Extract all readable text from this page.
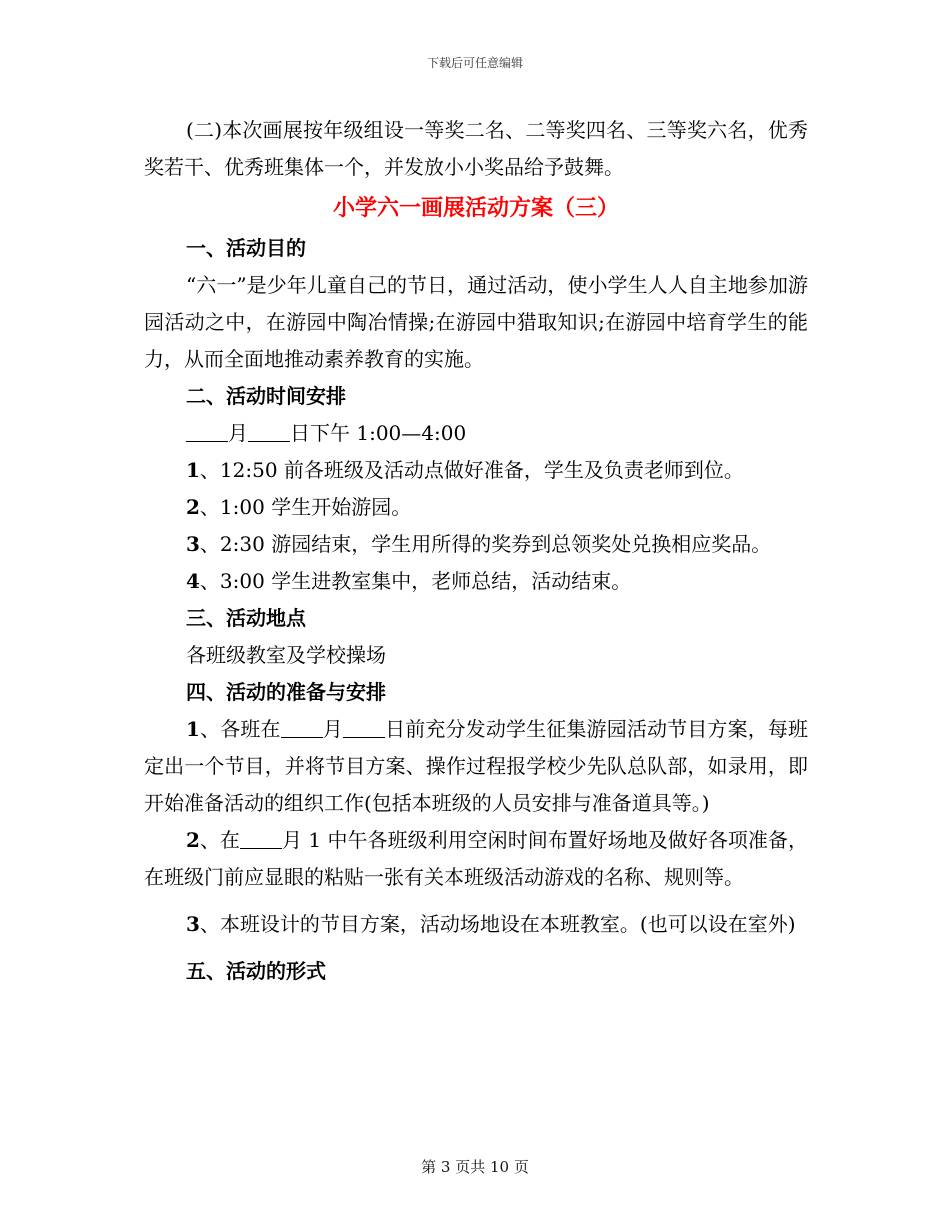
下载后可任意编辑

(二)本次画展按年级组设一等奖二名、二等奖四名、三等奖六名，优秀奖若干、优秀班集体一个，并发放小小奖品给予鼓舞。

小学六一画展活动方案（三）

一、活动目的

“六一”是少年儿童自己的节日，通过活动，使小学生人人自主地参加游园活动之中，在游园中陶冶情操;在游园中猎取知识;在游园中培育学生的能力，从而全面地推动素养教育的实施。

二、活动时间安排

月 日下午 1:00—4:00

1、12:50 前各班级及活动点做好准备，学生及负责老师到位。

2、1:00 学生开始游园。

3、2:30 游园结束，学生用所得的奖券到总领奖处兑换相应奖品。

4、3:00 学生进教室集中，老师总结，活动结束。

三、活动地点

各班级教室及学校操场

四、活动的准备与安排

1、各班在 月 日前充分发动学生征集游园活动节目方案，每班定出一个节目，并将节目方案、操作过程报学校少先队总队部，如录用，即开始准备活动的组织工作(包括本班级的人员安排与准备道具等。)

2、在 月 1 中午各班级利用空闲时间布置好场地及做好各项准备，在班级门前应显眼的粘贴一张有关本班级活动游戏的名称、规则等。

3、本班设计的节目方案，活动场地设在本班教室。(也可以设在室外)

五、活动的形式

第 3 页共 10 页
